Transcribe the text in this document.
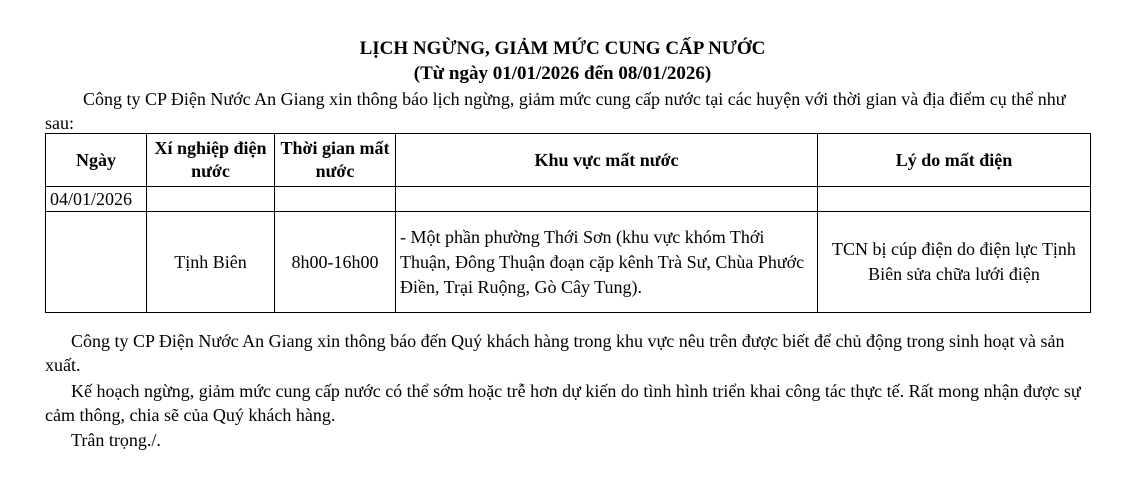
LỊCH NGỪNG, GIẢM MỨC CUNG CẤP NƯỚC
(Từ ngày 01/01/2026 đến 08/01/2026)
Công ty CP Điện Nước An Giang xin thông báo lịch ngừng, giảm mức cung cấp nước tại các huyện với thời gian và địa điểm cụ thể như sau:
Ngày	Xí nghiệp điện nước	Thời gian mất nước	Khu vực mất nước	Lý do mất điện
04/01/2026				
	Tịnh Biên	8h00-16h00	- Một phần phường Thới Sơn (khu vực khóm Thới Thuận, Đông Thuận đoạn cặp kênh Trà Sư, Chùa Phước Điền, Trại Ruộng, Gò Cây Tung).	TCN bị cúp điện do điện lực Tịnh Biên sửa chữa lưới điện
Công ty CP Điện Nước An Giang xin thông báo đến Quý khách hàng trong khu vực nêu trên được biết để chủ động trong sinh hoạt và sản xuất.
Kế hoạch ngừng, giảm mức cung cấp nước có thể sớm hoặc trễ hơn dự kiến do tình hình triển khai công tác thực tế. Rất mong nhận được sự cảm thông, chia sẽ của Quý khách hàng.
Trân trọng./.
